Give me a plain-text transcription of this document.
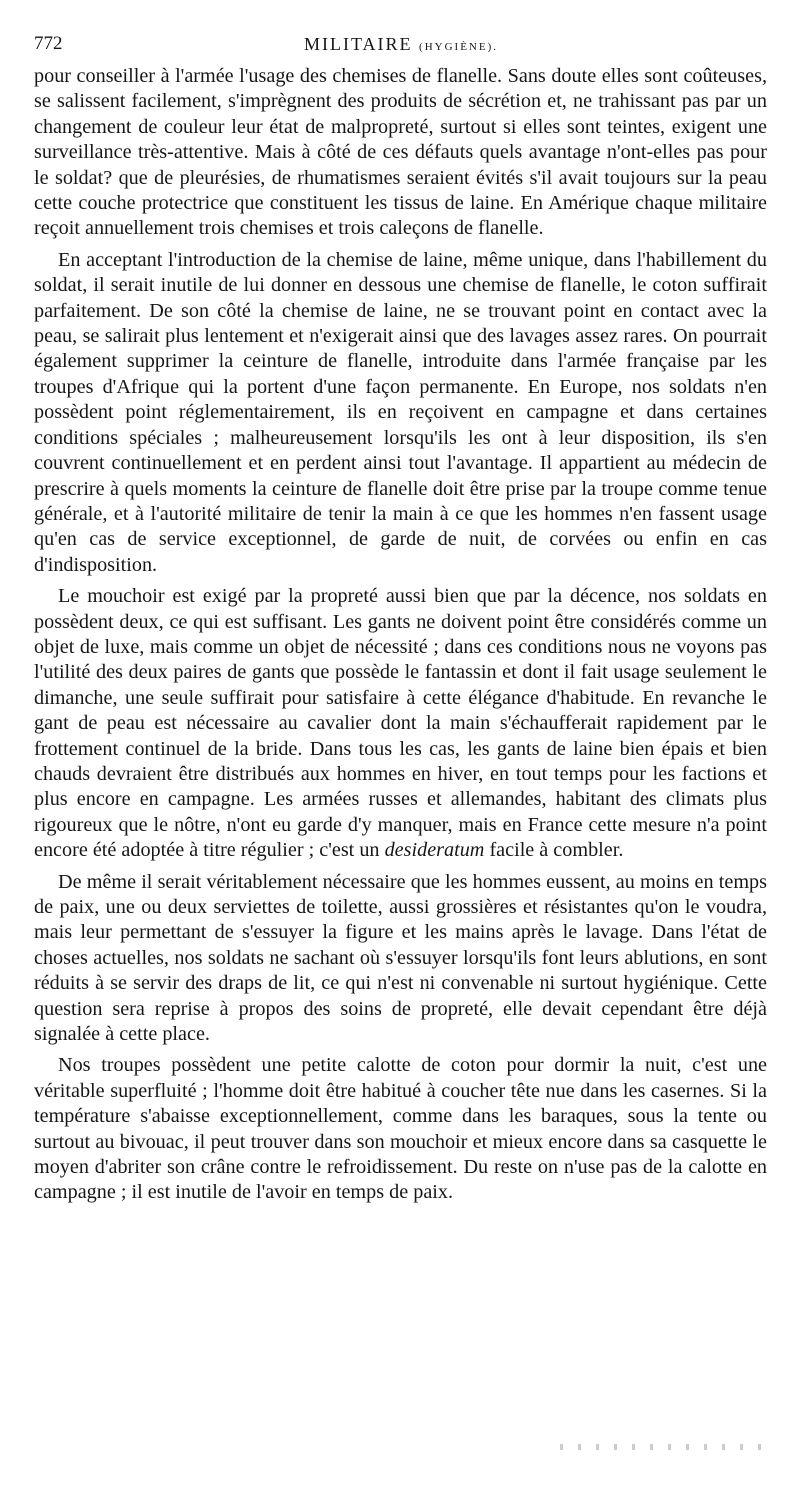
772	MILITAIRE (HYGIÈNE).

pour conseiller à l'armée l'usage des chemises de flanelle. Sans doute elles sont coûteuses, se salissent facilement, s'imprègnent des produits de sécrétion et, ne trahissant pas par un changement de couleur leur état de malpropreté, surtout si elles sont teintes, exigent une surveillance très-attentive. Mais à côté de ces défauts quels avantage n'ont-elles pas pour le soldat? que de pleurésies, de rhumatismes seraient évités s'il avait toujours sur la peau cette couche protectrice que constituent les tissus de laine. En Amérique chaque militaire reçoit annuellement trois chemises et trois caleçons de flanelle.

En acceptant l'introduction de la chemise de laine, même unique, dans l'habillement du soldat, il serait inutile de lui donner en dessous une chemise de flanelle, le coton suffirait parfaitement. De son côté la chemise de laine, ne se trouvant point en contact avec la peau, se salirait plus lentement et n'exigerait ainsi que des lavages assez rares. On pourrait également supprimer la ceinture de flanelle, introduite dans l'armée française par les troupes d'Afrique qui la portent d'une façon permanente. En Europe, nos soldats n'en possèdent point réglementairement, ils en reçoivent en campagne et dans certaines conditions spéciales ; malheureusement lorsqu'ils les ont à leur disposition, ils s'en couvrent continuellement et en perdent ainsi tout l'avantage. Il appartient au médecin de prescrire à quels moments la ceinture de flanelle doit être prise par la troupe comme tenue générale, et à l'autorité militaire de tenir la main à ce que les hommes n'en fassent usage qu'en cas de service exceptionnel, de garde de nuit, de corvées ou enfin en cas d'indisposition.

Le mouchoir est exigé par la propreté aussi bien que par la décence, nos soldats en possèdent deux, ce qui est suffisant. Les gants ne doivent point être considérés comme un objet de luxe, mais comme un objet de nécessité ; dans ces conditions nous ne voyons pas l'utilité des deux paires de gants que possède le fantassin et dont il fait usage seulement le dimanche, une seule suffirait pour satisfaire à cette élégance d'habitude. En revanche le gant de peau est nécessaire au cavalier dont la main s'échaufferait rapidement par le frottement continuel de la bride. Dans tous les cas, les gants de laine bien épais et bien chauds devraient être distribués aux hommes en hiver, en tout temps pour les factions et plus encore en campagne. Les armées russes et allemandes, habitant des climats plus rigoureux que le nôtre, n'ont eu garde d'y manquer, mais en France cette mesure n'a point encore été adoptée à titre régulier ; c'est un desideratum facile à combler.

De même il serait véritablement nécessaire que les hommes eussent, au moins en temps de paix, une ou deux serviettes de toilette, aussi grossières et résistantes qu'on le voudra, mais leur permettant de s'essuyer la figure et les mains après le lavage. Dans l'état de choses actuelles, nos soldats ne sachant où s'essuyer lorsqu'ils font leurs ablutions, en sont réduits à se servir des draps de lit, ce qui n'est ni convenable ni surtout hygiénique. Cette question sera reprise à propos des soins de propreté, elle devait cependant être déjà signalée à cette place.

Nos troupes possèdent une petite calotte de coton pour dormir la nuit, c'est une véritable superfluité ; l'homme doit être habitué à coucher tête nue dans les casernes. Si la température s'abaisse exceptionnellement, comme dans les baraques, sous la tente ou surtout au bivouac, il peut trouver dans son mouchoir et mieux encore dans sa casquette le moyen d'abriter son crâne contre le refroidissement. Du reste on n'use pas de la calotte en campagne ; il est inutile de l'avoir en temps de paix.
